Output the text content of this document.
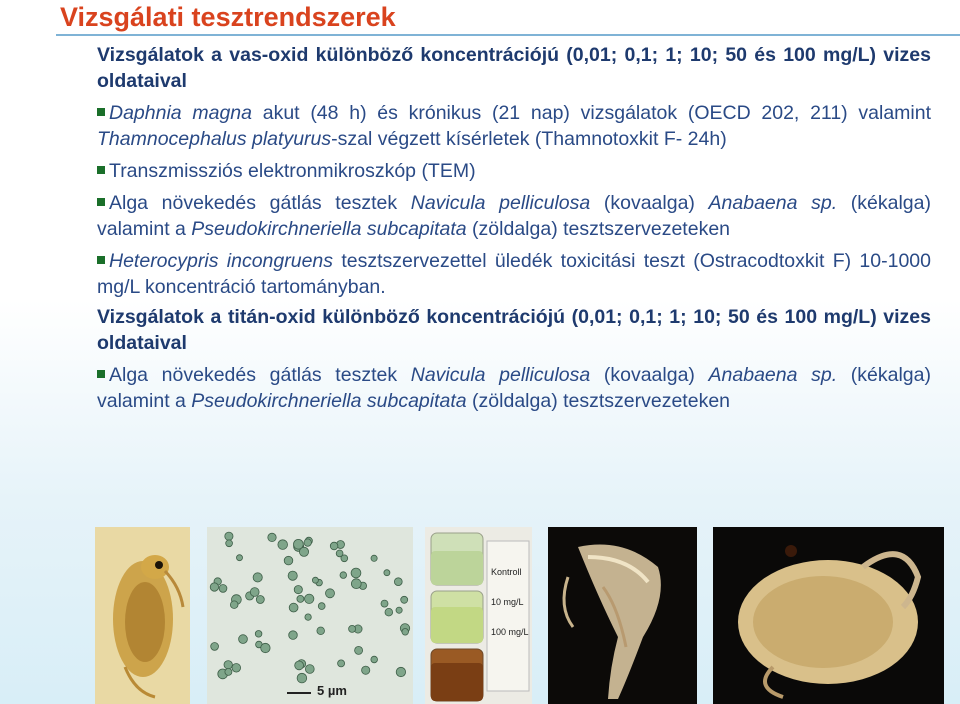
Vizsgálati tesztrendszerek

Vizsgálatok a vas-oxid különböző koncentrációjú (0,01; 0,1; 1; 10; 50 és 100 mg/L) vizes oldataival

Daphnia magna akut (48 h) és krónikus (21 nap) vizsgálatok (OECD 202, 211) valamint Thamnocephalus platyurus-szal végzett kísérletek (Thamnotoxkit F- 24h)

Transzmissziós elektronmikroszkóp (TEM)

Alga növekedés gátlás tesztek Navicula pelliculosa (kovaalga) Anabaena sp. (kékalga) valamint a Pseudokirchneriella subcapitata (zöldalga) tesztszervezeteken

Heterocypris incongruens tesztszervezettel üledék toxicitási teszt (Ostracodtoxkit F) 10-1000 mg/L koncentráció tartományban.

Vizsgálatok a titán-oxid különböző koncentrációjú (0,01; 0,1; 1; 10; 50 és 100 mg/L) vizes oldataival

Alga növekedés gátlás tesztek Navicula pelliculosa (kovaalga) Anabaena sp. (kékalga) valamint a Pseudokirchneriella subcapitata (zöldalga) tesztszervezeteken

5 µm
Kontroll
10 mg/L
100 mg/L
